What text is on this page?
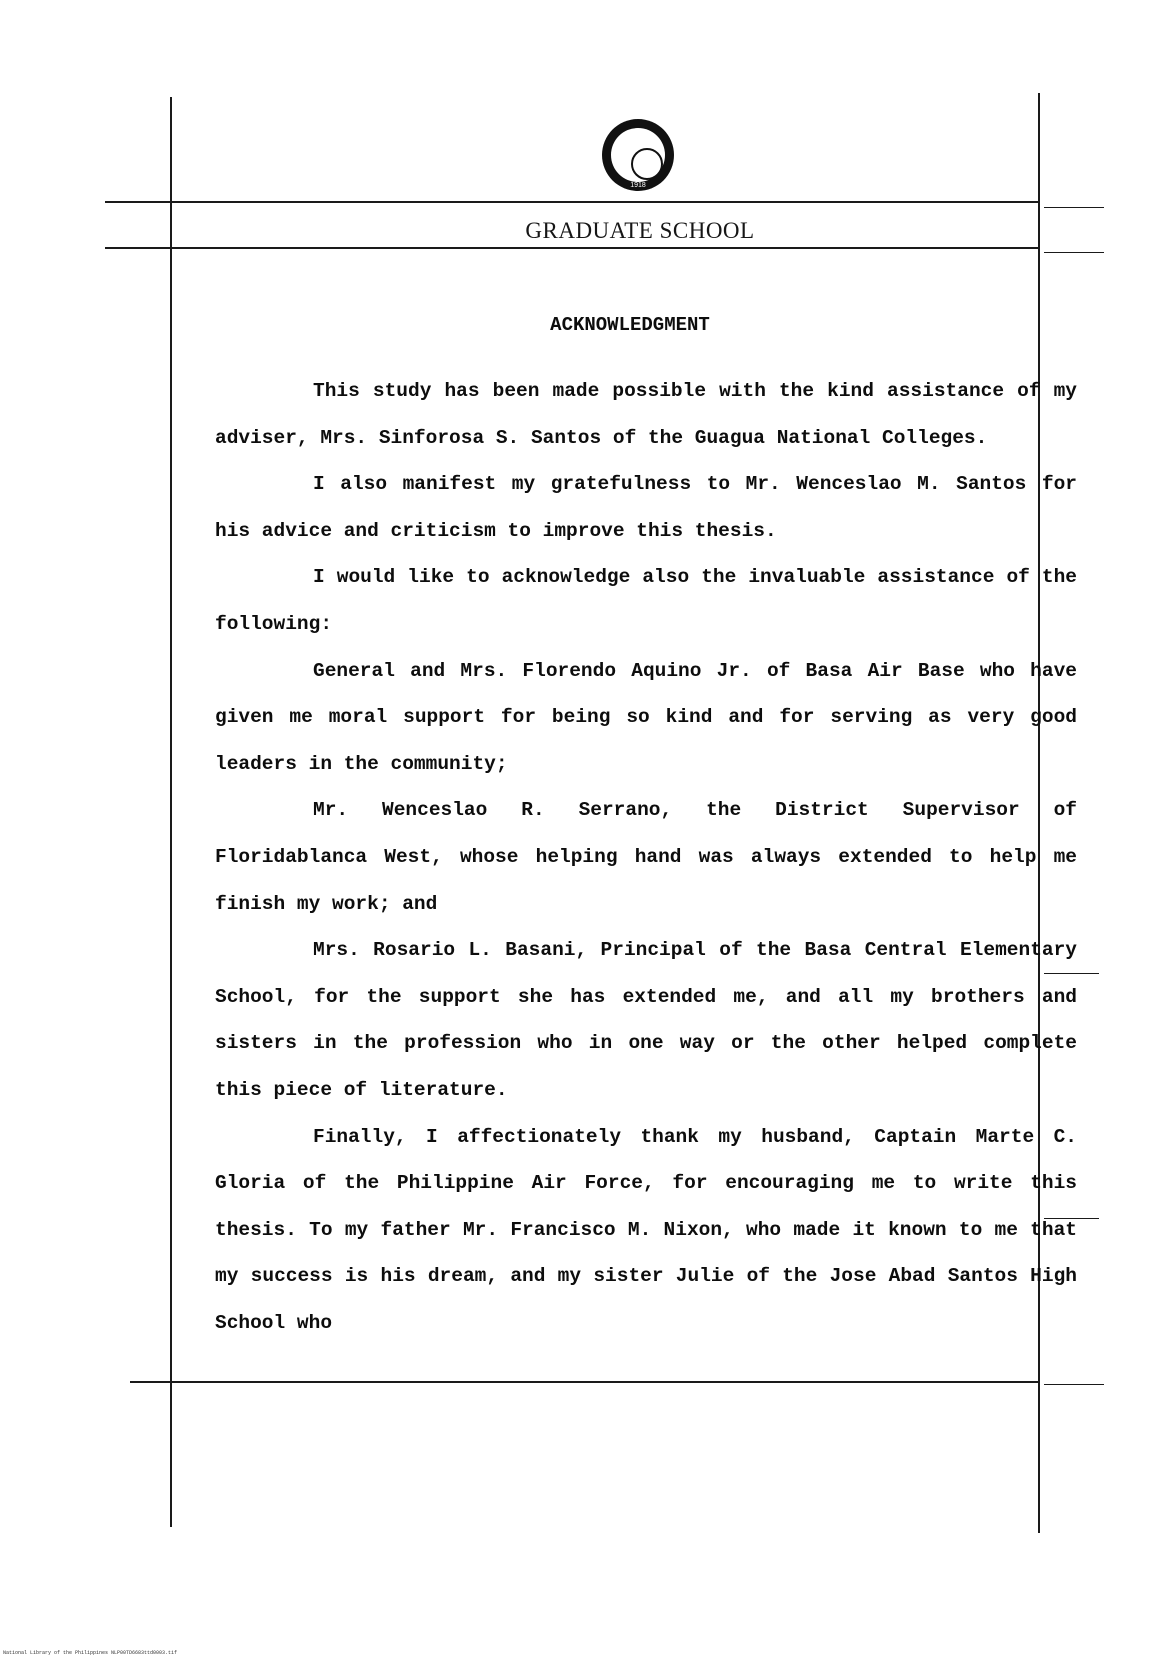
1918
GRADUATE SCHOOL
ACKNOWLEDGMENT

This study has been made possible with the kind assistance of my adviser, Mrs. Sinforosa S. Santos of the Guagua National Colleges.

I also manifest my gratefulness to Mr. Wenceslao M. Santos for his advice and criticism to improve this thesis.

I would like to acknowledge also the invaluable assistance of the following:

General and Mrs. Florendo Aquino Jr. of Basa Air Base who have given me moral support for being so kind and for serving as very good leaders in the community;

Mr. Wenceslao R. Serrano, the District Supervisor of Floridablanca West, whose helping hand was always extended to help me finish my work; and

Mrs. Rosario L. Basani, Principal of the Basa Central Elementary School, for the support she has extended me, and all my brothers and sisters in the profession who in one way or the other helped complete this piece of literature.

Finally, I affectionately thank my husband, Captain Marte C. Gloria of the Philippine Air Force, for encouraging me to write this thesis. To my father Mr. Francisco M. Nixon, who made it known to me that my success is his dream, and my sister Julie of the Jose Abad Santos High School who

National Library of the Philippines NLP00TD6683ttd0003.tif
